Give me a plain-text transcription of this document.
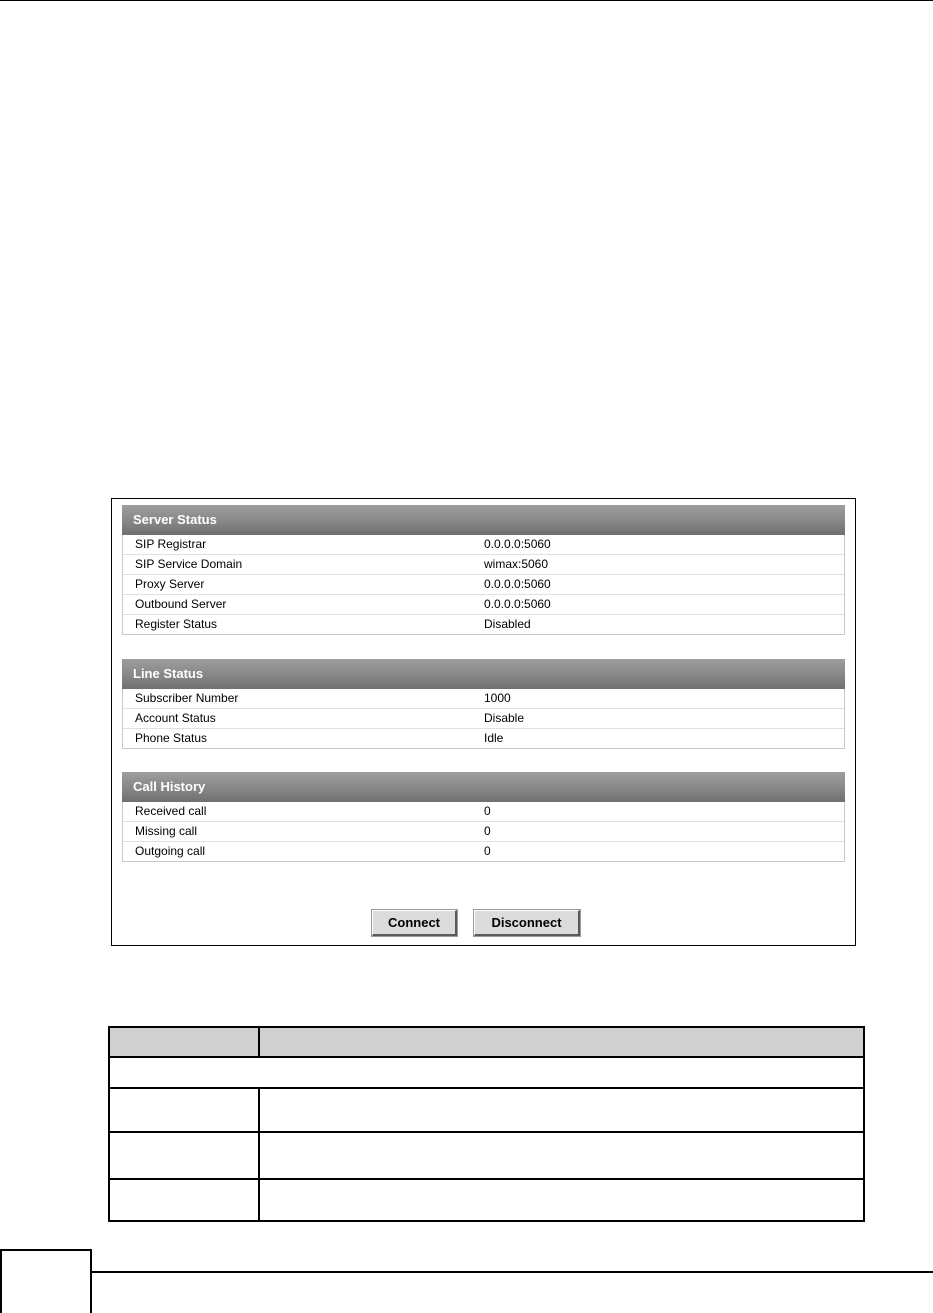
Server Status
SIP Registrar	0.0.0.0:5060
SIP Service Domain	wimax:5060
Proxy Server	0.0.0.0:5060
Outbound Server	0.0.0.0:5060
Register Status	Disabled
Line Status
Subscriber Number	1000
Account Status	Disable
Phone Status	Idle
Call History
Received call	0
Missing call	0
Outgoing call	0
Connect	Disconnect
